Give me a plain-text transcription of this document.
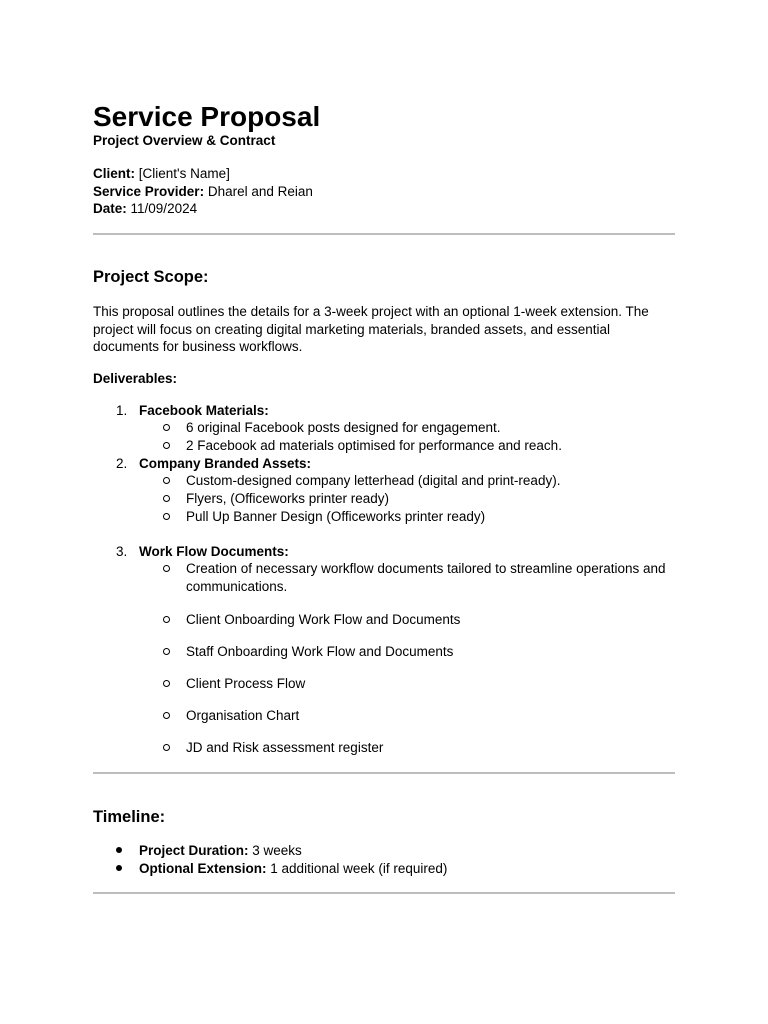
Service Proposal
Project Overview & Contract
Client: [Client's Name]
Service Provider: Dharel and Reian
Date: 11/09/2024
Project Scope:
This proposal outlines the details for a 3-week project with an optional 1-week extension. The project will focus on creating digital marketing materials, branded assets, and essential documents for business workflows.
Deliverables:
1. Facebook Materials:
6 original Facebook posts designed for engagement.
2 Facebook ad materials optimised for performance and reach.
2. Company Branded Assets:
Custom-designed company letterhead (digital and print-ready).
Flyers, (Officeworks printer ready)
Pull Up Banner Design (Officeworks printer ready)
3. Work Flow Documents:
Creation of necessary workflow documents tailored to streamline operations and communications.
Client Onboarding Work Flow and Documents
Staff Onboarding Work Flow and Documents
Client Process Flow
Organisation Chart
JD and Risk assessment register
Timeline:
Project Duration: 3 weeks
Optional Extension: 1 additional week (if required)
